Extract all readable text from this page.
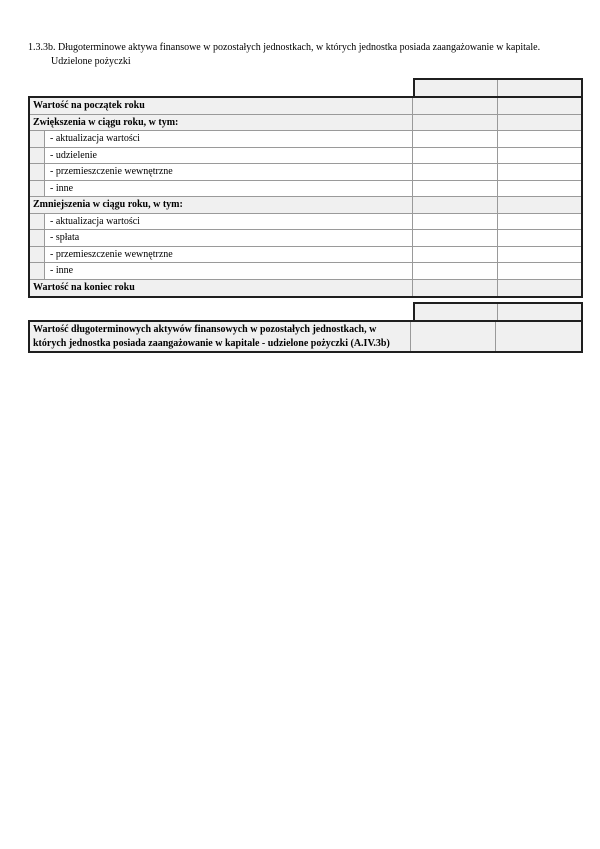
1.3.3b. Długoterminowe aktywa finansowe w pozostałych jednostkach, w których jednostka posiada zaangażowanie w kapitale.
Udzielone pożyczki
Wartość na początek roku
Zwiększenia w ciągu roku, w tym:
- aktualizacja wartości
- udzielenie
- przemieszczenie wewnętrzne
- inne
Zmniejszenia w ciągu roku, w tym:
- aktualizacja wartości
- spłata
- przemieszczenie wewnętrzne
- inne
Wartość na koniec roku
Wartość długoterminowych aktywów finansowych w pozostałych jednostkach, w których jednostka posiada zaangażowanie w kapitale - udzielone pożyczki (A.IV.3b)
